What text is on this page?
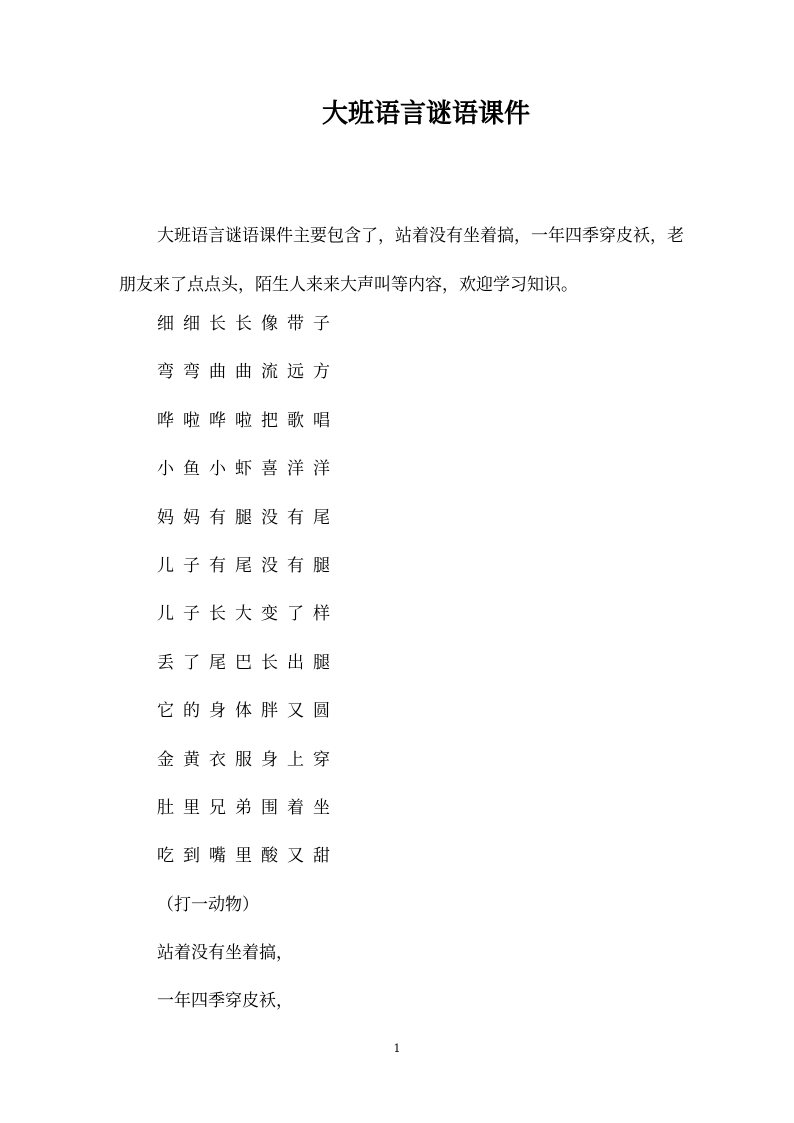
大班语言谜语课件

大班语言谜语课件主要包含了，站着没有坐着搞，一年四季穿皮袄，老朋友来了点点头，陌生人来来大声叫等内容，欢迎学习知识。

细细长长像带子
弯弯曲曲流远方
哗啦哗啦把歌唱
小鱼小虾喜洋洋
妈妈有腿没有尾
儿子有尾没有腿
儿子长大变了样
丢了尾巴长出腿
它的身体胖又圆
金黄衣服身上穿
肚里兄弟围着坐
吃到嘴里酸又甜
（打一动物）
站着没有坐着搞，
一年四季穿皮袄，
1
